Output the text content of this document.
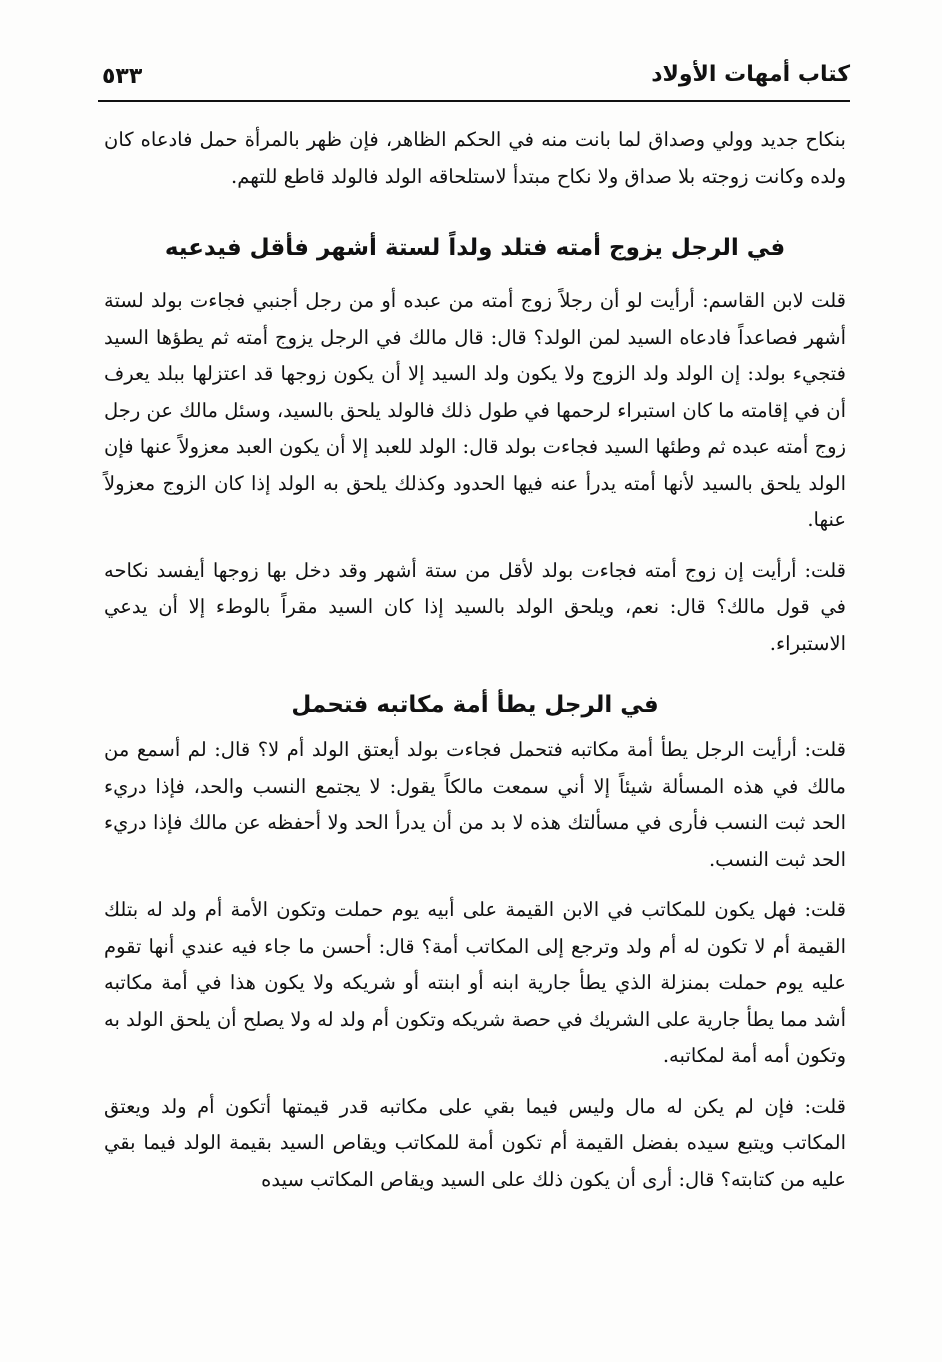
كتاب أمهات الأولاد
٥٣٣

بنكاح جديد وولي وصداق لما بانت منه في الحكم الظاهر، فإن ظهر بالمرأة حمل فادعاه كان ولده وكانت زوجته بلا صداق ولا نكاح مبتدأ لاستلحاقه الولد فالولد قاطع للتهم.

في الرجل يزوج أمته فتلد ولداً لستة أشهر فأقل فيدعيه

قلت لابن القاسم: أرأيت لو أن رجلاً زوج أمته من عبده أو من رجل أجنبي فجاءت بولد لستة أشهر فصاعداً فادعاه السيد لمن الولد؟ قال: قال مالك في الرجل يزوج أمته ثم يطؤها السيد فتجيء بولد: إن الولد ولد الزوج ولا يكون ولد السيد إلا أن يكون زوجها قد اعتزلها ببلد يعرف أن في إقامته ما كان استبراء لرحمها في طول ذلك فالولد يلحق بالسيد، وسئل مالك عن رجل زوج أمته عبده ثم وطئها السيد فجاءت بولد قال: الولد للعبد إلا أن يكون العبد معزولاً عنها فإن الولد يلحق بالسيد لأنها أمته يدرأ عنه فيها الحدود وكذلك يلحق به الولد إذا كان الزوج معزولاً عنها.

قلت: أرأيت إن زوج أمته فجاءت بولد لأقل من ستة أشهر وقد دخل بها زوجها أيفسد نكاحه في قول مالك؟ قال: نعم، ويلحق الولد بالسيد إذا كان السيد مقراً بالوطء إلا أن يدعي الاستبراء.

في الرجل يطأ أمة مكاتبه فتحمل

قلت: أرأيت الرجل يطأ أمة مكاتبه فتحمل فجاءت بولد أيعتق الولد أم لا؟ قال: لم أسمع من مالك في هذه المسألة شيئاً إلا أني سمعت مالكاً يقول: لا يجتمع النسب والحد، فإذا دريء الحد ثبت النسب فأرى في مسألتك هذه لا بد من أن يدرأ الحد ولا أحفظه عن مالك فإذا دريء الحد ثبت النسب.

قلت: فهل يكون للمكاتب في الابن القيمة على أبيه يوم حملت وتكون الأمة أم ولد له بتلك القيمة أم لا تكون له أم ولد وترجع إلى المكاتب أمة؟ قال: أحسن ما جاء فيه عندي أنها تقوم عليه يوم حملت بمنزلة الذي يطأ جارية ابنه أو ابنته أو شريكه ولا يكون هذا في أمة مكاتبه أشد مما يطأ جارية على الشريك في حصة شريكه وتكون أم ولد له ولا يصلح أن يلحق الولد به وتكون أمه أمة لمكاتبه.

قلت: فإن لم يكن له مال وليس فيما بقي على مكاتبه قدر قيمتها أتكون أم ولد ويعتق المكاتب ويتبع سيده بفضل القيمة أم تكون أمة للمكاتب ويقاص السيد بقيمة الولد فيما بقي عليه من كتابته؟ قال: أرى أن يكون ذلك على السيد ويقاص المكاتب سيده
